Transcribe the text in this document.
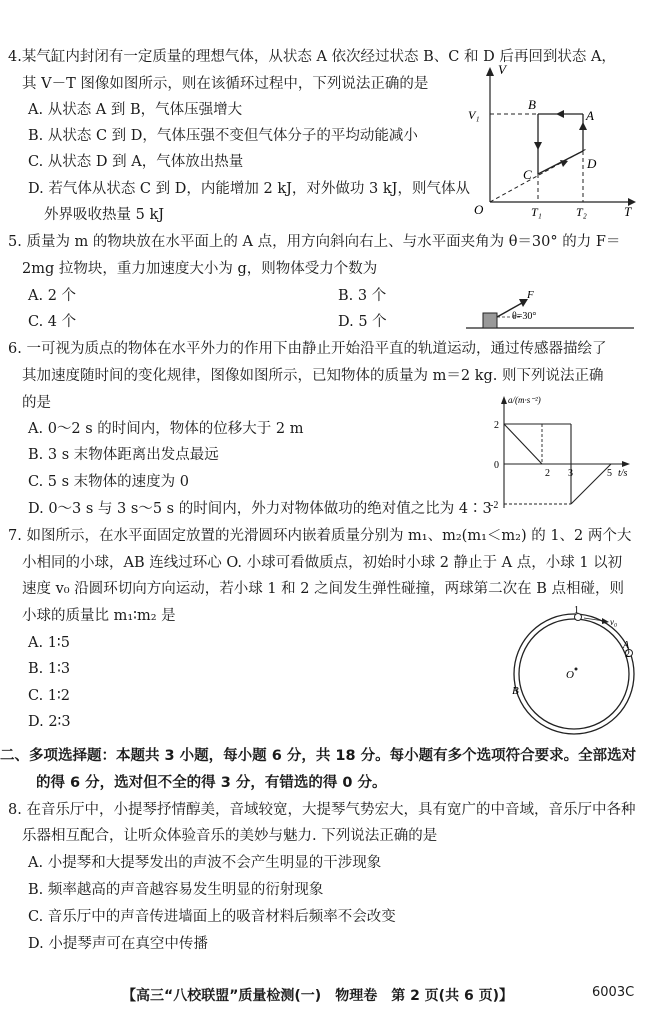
4.某气缸内封闭有一定质量的理想气体，从状态 A 依次经过状态 B、C 和 D 后再回到状态 A，
其 V－T 图像如图所示，则在该循环过程中，下列说法正确的是
A. 从状态 A 到 B，气体压强增大
B. 从状态 C 到 D，气体压强不变但气体分子的平均动能减小
C. 从状态 D 到 A，气体放出热量
D. 若气体从状态 C 到 D，内能增加 2 kJ，对外做功 3 kJ，则气体从
外界吸收热量 5 kJ
V
V₁
B
A
D
C
O	T₁	T₂	T
5. 质量为 m 的物块放在水平面上的 A 点，用方向斜向右上、与水平面夹角为 θ＝30° 的力 F＝
2mg 拉物块，重力加速度大小为 g，则物体受力个数为
A. 2 个	B. 3 个
C. 4 个	D. 5 个
F
θ=30°
6. 一可视为质点的物体在水平外力的作用下由静止开始沿平直的轨道运动，通过传感器描绘了
其加速度随时间的变化规律，图像如图所示，已知物体的质量为 m＝2 kg. 则下列说法正确
的是
A. 0～2 s 的时间内，物体的位移大于 2 m
B. 3 s 末物体距离出发点最远
C. 5 s 末物体的速度为 0
D. 0～3 s 与 3 s～5 s 的时间内，外力对物体做功的绝对值之比为 4∶3
a/(m·s⁻²)
2
0
-2
2 3	5 t/s
7. 如图所示，在水平面固定放置的光滑圆环内嵌着质量分别为 m₁、m₂(m₁＜m₂) 的 1、2 两个大
小相同的小球，AB 连线过环心 O. 小球可看做质点，初始时小球 2 静止于 A 点，小球 1 以初
速度 v₀ 沿圆环切向方向运动，若小球 1 和 2 之间发生弹性碰撞，两球第二次在 B 点相碰，则
小球的质量比 m₁∶m₂ 是
A. 1∶5
B. 1∶3
C. 1∶2
D. 2∶3
1
v₀
A
2
O
B
二、多项选择题：本题共 3 小题，每小题 6 分，共 18 分。每小题有多个选项符合要求。全部选对
的得 6 分，选对但不全的得 3 分，有错选的得 0 分。
8. 在音乐厅中，小提琴抒情醇美，音域较宽，大提琴气势宏大，具有宽广的中音域，音乐厅中各种
乐器相互配合，让听众体验音乐的美妙与魅力. 下列说法正确的是
A. 小提琴和大提琴发出的声波不会产生明显的干涉现象
B. 频率越高的声音越容易发生明显的衍射现象
C. 音乐厅中的声音传进墙面上的吸音材料后频率不会改变
D. 小提琴声可在真空中传播
【高三“八校联盟”质量检测(一)　物理卷　第 2 页(共 6 页)】	6003C
